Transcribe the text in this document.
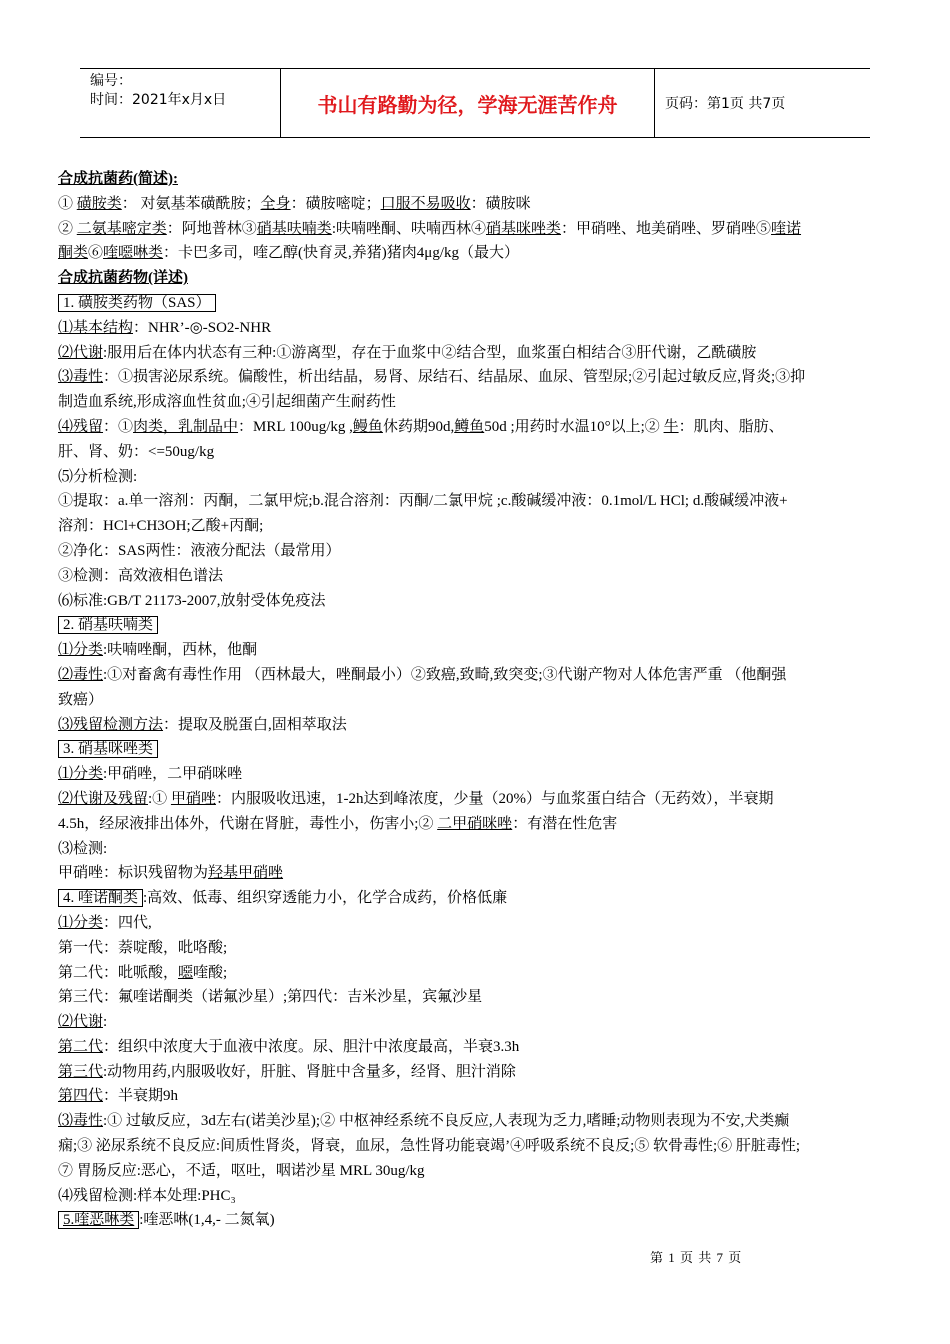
编号：
时间：2021年x月x日	书山有路勤为径，学海无涯苦作舟	页码：第1页 共7页

合成抗菌药(简述):

① 磺胺类： 对氨基苯磺酰胺；全身：磺胺嘧啶；口服不易吸收：磺胺咪

② 二氨基嘧定类：阿地普林③硝基呋喃类:呋喃唑酮、呋喃西林④硝基咪唑类：甲硝唑、地美硝唑、罗硝唑⑤喹诺

酮类⑥喹噁啉类：卡巴多司，喹乙醇(快育灵,养猪)猪肉4μg/kg（最大）

合成抗菌药物(详述)

1. 磺胺类药物（SAS）

⑴基本结构：NHR’-◎-SO2-NHR

⑵代谢:服用后在体内状态有三种:①游离型，存在于血浆中②结合型，血浆蛋白相结合③肝代谢，乙酰磺胺

⑶毒性：①损害泌尿系统。偏酸性，析出结晶，易肾、尿结石、结晶尿、血尿、管型尿;②引起过敏反应,肾炎;③抑

制造血系统,形成溶血性贫血;④引起细菌产生耐药性

⑷残留：①肉类，乳制品中：MRL 100ug/kg ,鳗鱼休药期90d,鳟鱼50d ;用药时水温10°以上;② 牛：肌肉、脂肪、

肝、肾、奶：<=50ug/kg

⑸分析检测:

①提取：a.单一溶剂：丙酮，二氯甲烷;b.混合溶剂：丙酮/二氯甲烷 ;c.酸碱缓冲液：0.1mol/L HCl; d.酸碱缓冲液+

溶剂：HCl+CH3OH;乙酸+丙酮;

②净化：SAS两性：液液分配法（最常用）

③检测：高效液相色谱法

⑹标准:GB/T 21173-2007,放射受体免疫法

2. 硝基呋喃类

⑴分类:呋喃唑酮，西林，他酮

⑵毒性:①对畜禽有毒性作用 （西林最大，唑酮最小）②致癌,致畸,致突变;③代谢产物对人体危害严重 （他酮强

致癌）

⑶残留检测方法：提取及脱蛋白,固相萃取法

3. 硝基咪唑类

⑴分类:甲硝唑，二甲硝咪唑

⑵代谢及残留:① 甲硝唑：内服吸收迅速，1-2h达到峰浓度，少量（20%）与血浆蛋白结合（无药效），半衰期

4.5h，经尿液排出体外，代谢在肾脏，毒性小，伤害小;② 二甲硝咪唑：有潜在性危害

⑶检测:

甲硝唑：标识残留物为羟基甲硝唑

4. 喹诺酮类 :高效、低毒、组织穿透能力小，化学合成药，价格低廉

⑴分类：四代,

第一代：萘啶酸，吡咯酸;

第二代：吡哌酸，噁喹酸;

第三代：氟喹诺酮类（诺氟沙星）;第四代：吉米沙星，宾氟沙星

⑵代谢:

第二代：组织中浓度大于血液中浓度。尿、胆汁中浓度最高，半衰3.3h

第三代:动物用药,内服吸收好，肝脏、肾脏中含量多，经肾、胆汁消除

第四代：半衰期9h

⑶毒性:① 过敏反应，3d左右(诺美沙星);② 中枢神经系统不良反应,人表现为乏力,嗜睡;动物则表现为不安,犬类癫

痫;③ 泌尿系统不良反应:间质性肾炎，肾衰，血尿，急性肾功能衰竭’④呼吸系统不良反;⑤ 软骨毒性;⑥ 肝脏毒性;

⑦ 胃肠反应:恶心，不适，呕吐，咽诺沙星 MRL 30ug/kg

⑷残留检测:样本处理:PHC₃

5.喹恶啉类 :喹恶啉(1,4,- 二氮氧)

第 1 页 共 7 页
